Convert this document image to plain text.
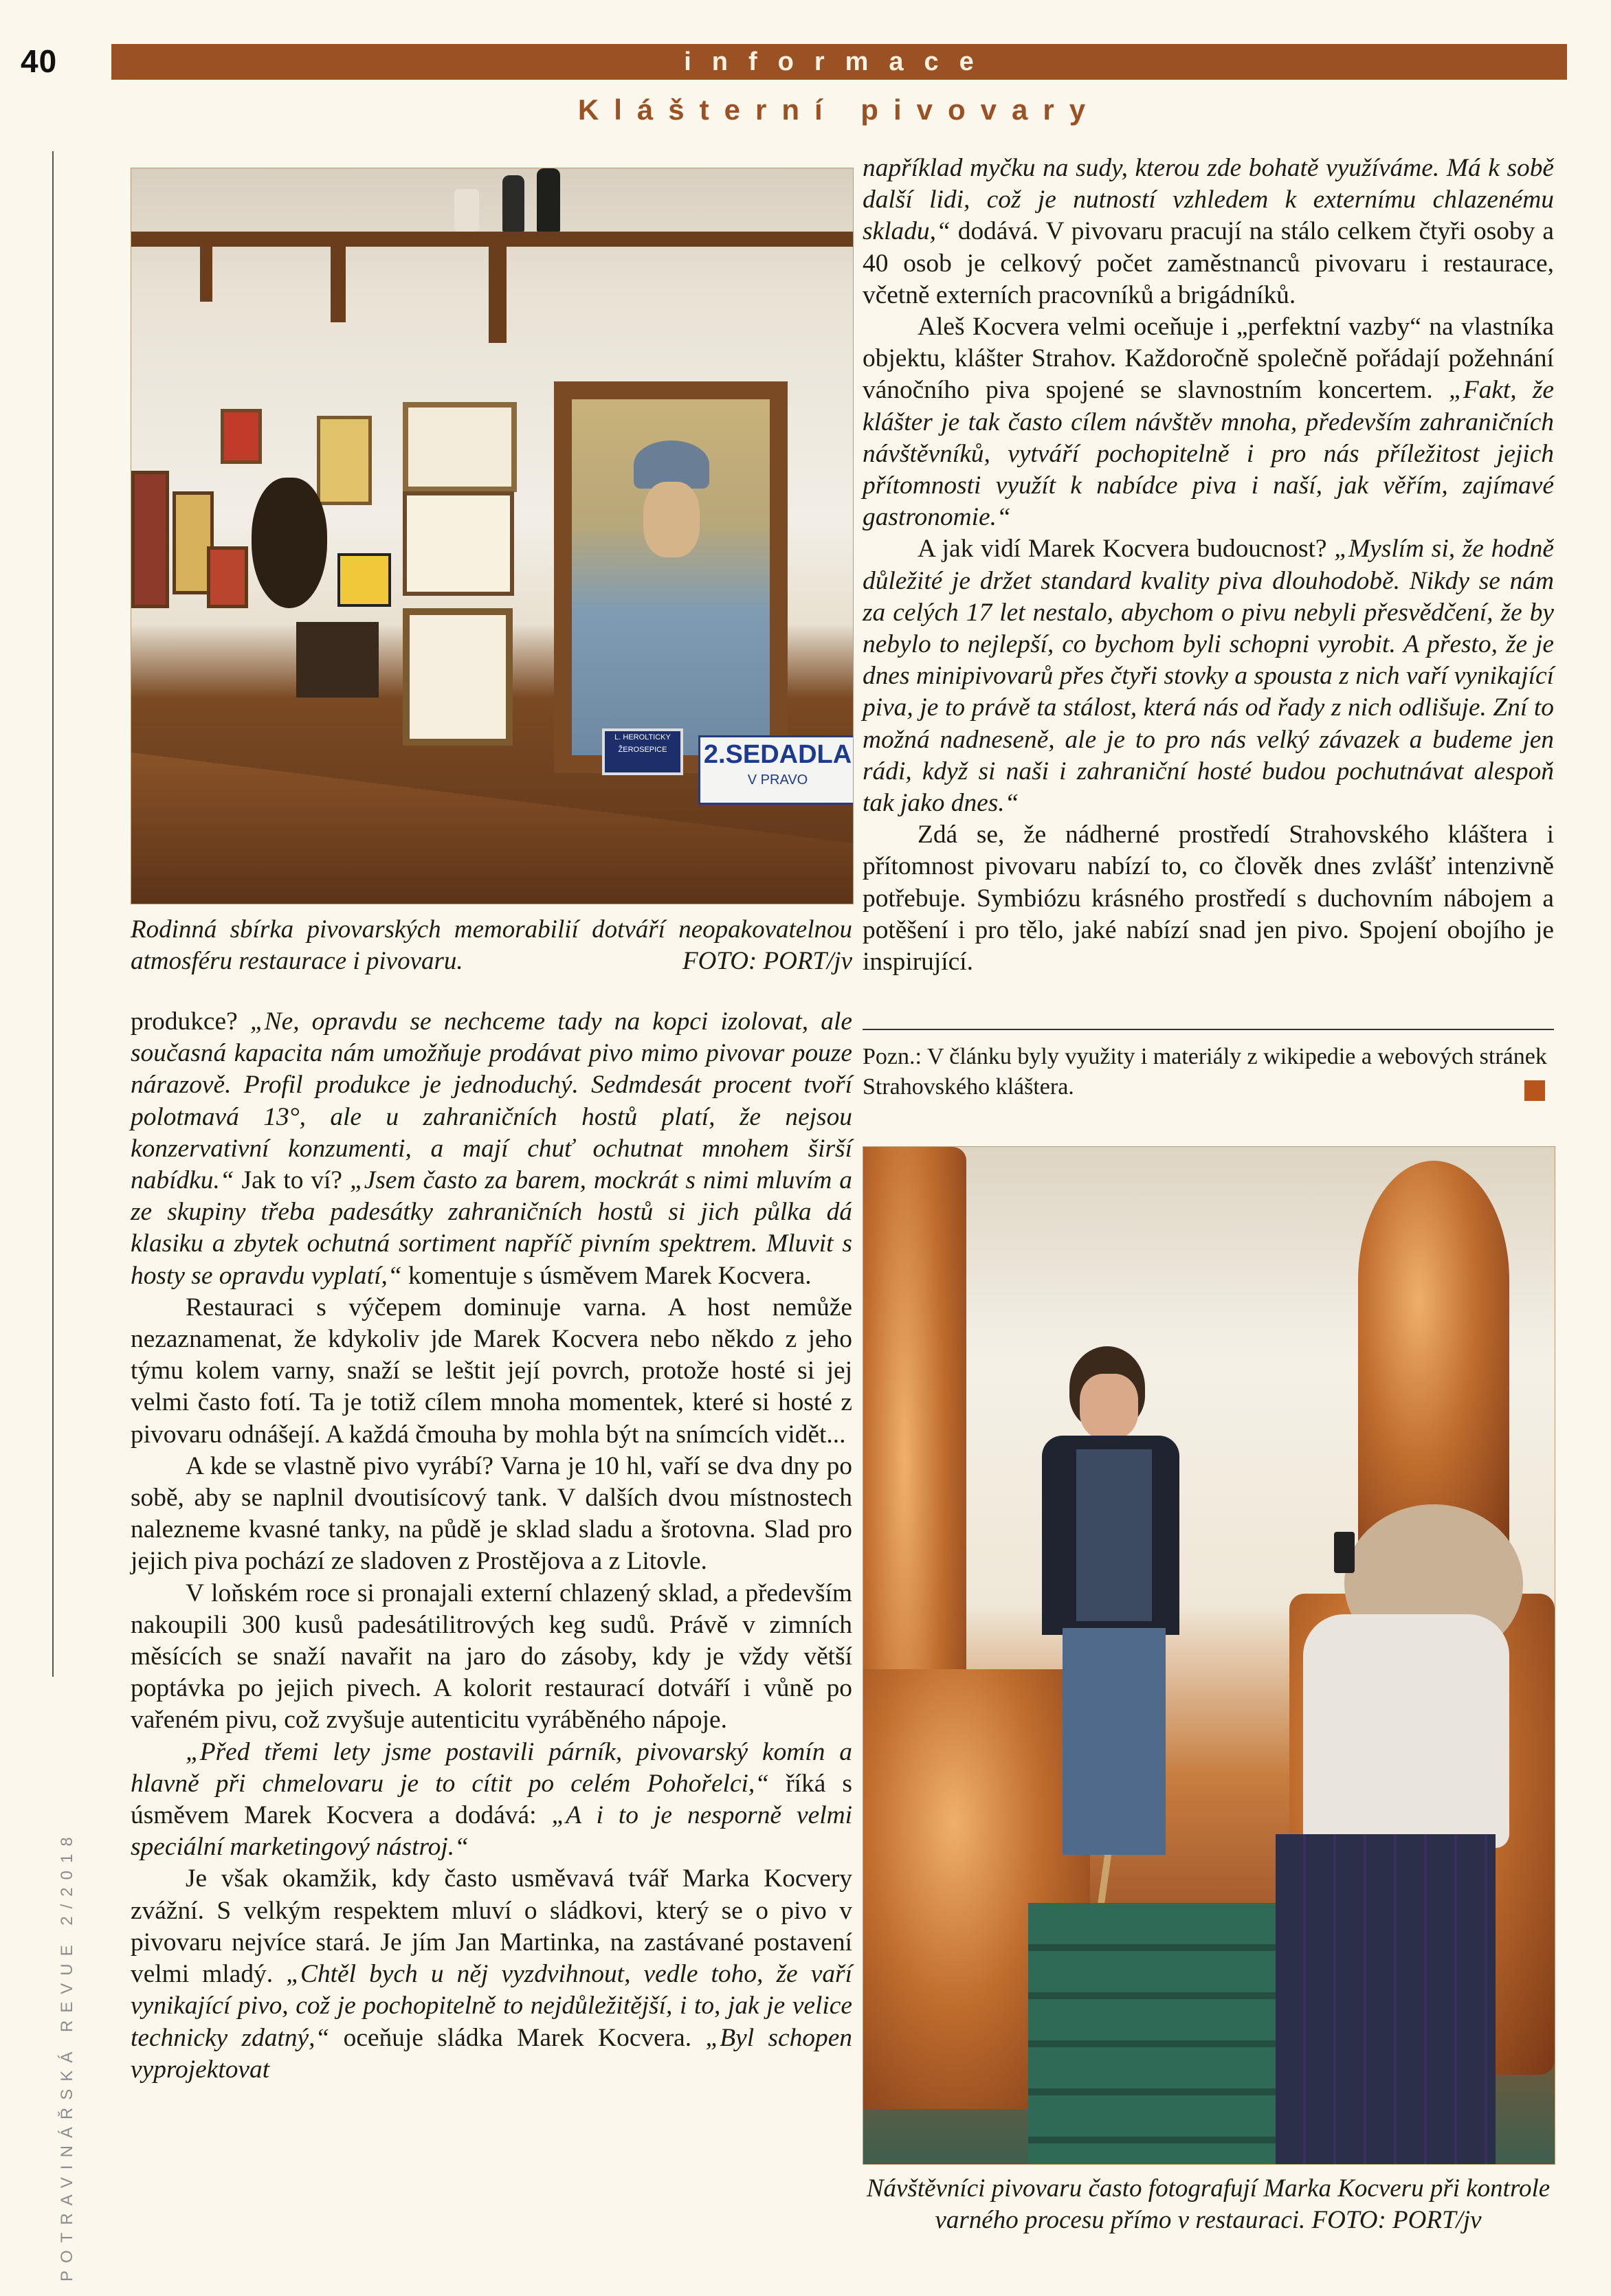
40	informace
Klášterní pivovary
POTRAVINÁŘSKÁ REVUE 2/2018
L. HEROLTICKY
ŽEROSEPICE	2.SEDADLA
V PRAVO
Rodinná sbírka pivovarských memorabilií dotváří neopakovatelnou atmosféru restaurace i pivovaru.	FOTO: PORT/jv

produkce? „Ne, opravdu se nechceme tady na kopci izolovat, ale současná kapacita nám umožňuje prodávat pivo mimo pivovar pouze nárazově. Profil produkce je jednoduchý. Sedmdesát procent tvoří polotmavá 13°, ale u zahraničních hostů platí, že nejsou konzervativní konzumenti, a mají chuť ochutnat mnohem širší nabídku.“ Jak to ví? „Jsem často za barem, mockrát s nimi mluvím a ze skupiny třeba padesátky zahraničních hostů si jich půlka dá klasiku a zbytek ochutná sortiment napříč pivním spektrem. Mluvit s hosty se opravdu vyplatí,“ komentuje s úsměvem Marek Kocvera.

Restauraci s výčepem dominuje varna. A host nemůže nezaznamenat, že kdykoliv jde Marek Kocvera nebo někdo z jeho týmu kolem varny, snaží se leštit její povrch, protože hosté si jej velmi často fotí. Ta je totiž cílem mnoha momentek, které si hosté z pivovaru odnášejí. A každá čmouha by mohla být na snímcích vidět...

A kde se vlastně pivo vyrábí? Varna je 10 hl, vaří se dva dny po sobě, aby se naplnil dvoutisícový tank. V dalších dvou místnostech nalezneme kvasné tanky, na půdě je sklad sladu a šrotovna. Slad pro jejich piva pochází ze sladoven z Prostějova a z Litovle.

V loňském roce si pronajali externí chlazený sklad, a především nakoupili 300 kusů padesátilitrových keg sudů. Právě v zimních měsících se snaží navařit na jaro do zásoby, kdy je vždy větší poptávka po jejich pivech. A kolorit restaurací dotváří i vůně po vařeném pivu, což zvyšuje autenticitu vyráběného nápoje.

„Před třemi lety jsme postavili párník, pivovarský komín a hlavně při chmelovaru je to cítit po celém Pohořelci,“ říká s úsměvem Marek Kocvera a dodává: „A i to je nesporně velmi speciální marketingový nástroj.“

Je však okamžik, kdy často usměvavá tvář Marka Kocvery zvážní. S velkým respektem mluví o sládkovi, který se o pivo v pivovaru nejvíce stará. Je jím Jan Martinka, na zastávané postavení velmi mladý. „Chtěl bych u něj vyzdvihnout, vedle toho, že vaří vynikající pivo, což je pochopitelně to nejdůležitější, i to, jak je velice technicky zdatný,“ oceňuje sládka Marek Kocvera. „Byl schopen vyprojektovat

například myčku na sudy, kterou zde bohatě využíváme. Má k sobě další lidi, což je nutností vzhledem k externímu chlazenému skladu,“ dodává. V pivovaru pracují na stálo celkem čtyři osoby a 40 osob je celkový počet zaměstnanců pivovaru i restaurace, včetně externích pracovníků a brigádníků.

Aleš Kocvera velmi oceňuje i „perfektní vazby“ na vlastníka objektu, klášter Strahov. Každoročně společně pořádají požehnání vánočního piva spojené se slavnostním koncertem. „Fakt, že klášter je tak často cílem návštěv mnoha, především zahraničních návštěvníků, vytváří pochopitelně i pro nás příležitost jejich přítomnosti využít k nabídce piva i naší, jak věřím, zajímavé gastronomie.“

A jak vidí Marek Kocvera budoucnost? „Myslím si, že hodně důležité je držet standard kvality piva dlouhodobě. Nikdy se nám za celých 17 let nestalo, abychom o pivu nebyli přesvědčení, že by nebylo to nejlepší, co bychom byli schopni vyrobit. A přesto, že je dnes minipivovarů přes čtyři stovky a spousta z nich vaří vynikající piva, je to právě ta stálost, která nás od řady z nich odlišuje. Zní to možná nadneseně, ale je to pro nás velký závazek a budeme jen rádi, když si naši i zahraniční hosté budou pochutnávat alespoň tak jako dnes.“

Zdá se, že nádherné prostředí Strahovského kláštera i přítomnost pivovaru nabízí to, co člověk dnes zvlášť intenzivně potřebuje. Symbiózu krásného prostředí s duchovním nábojem a potěšení i pro tělo, jaké nabízí snad jen pivo. Spojení obojího je inspirující.

Pozn.: V článku byly využity i materiály z wikipedie a webových stránek Strahovského kláštera.
Návštěvníci pivovaru často fotografují Marka Kocveru při kontrole varného procesu přímo v restauraci. FOTO: PORT/jv
